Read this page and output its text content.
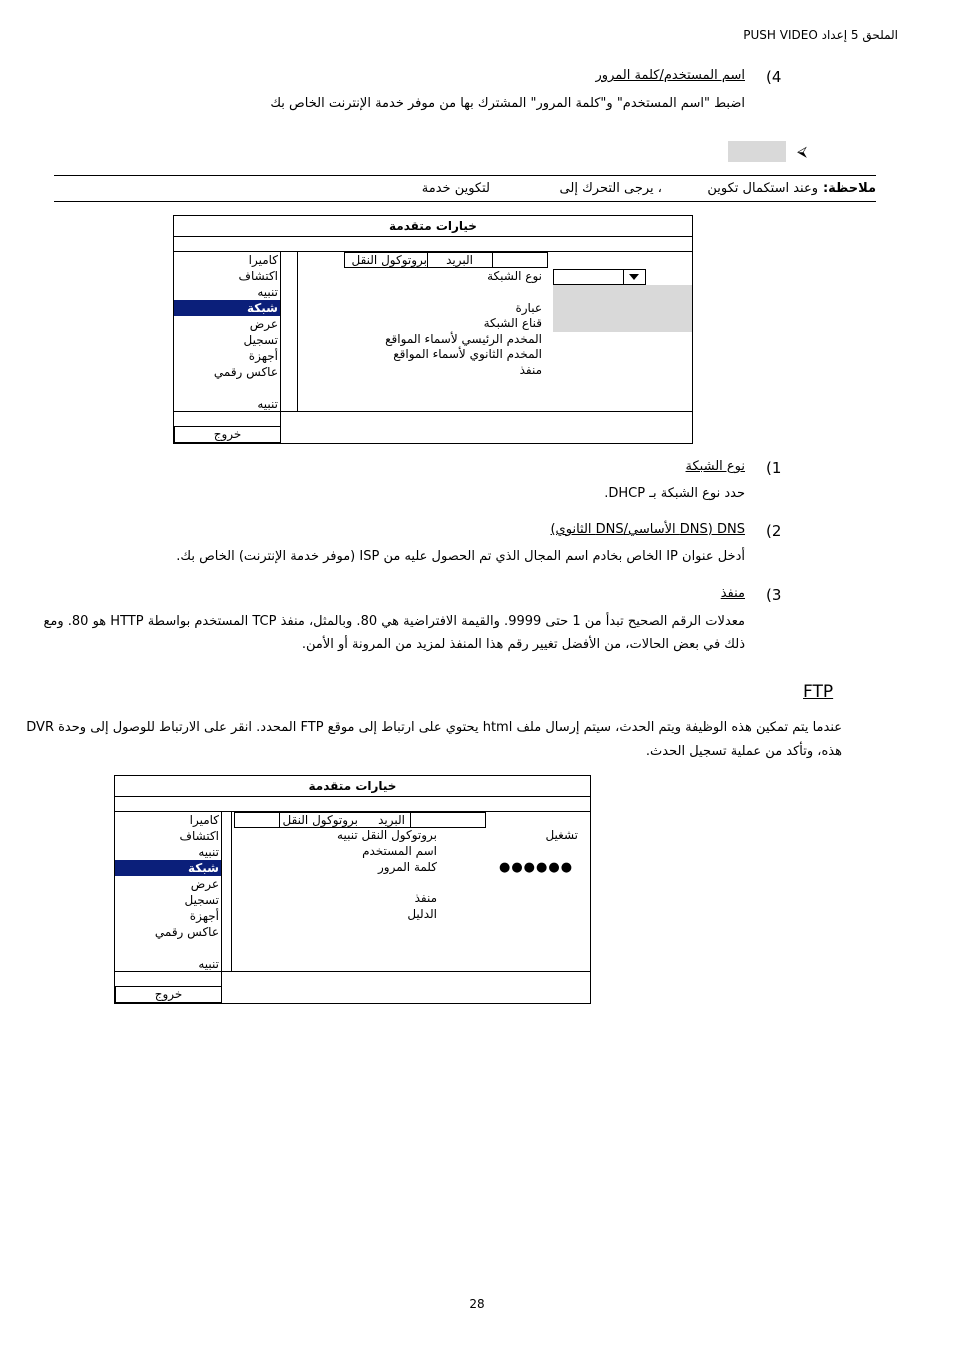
الملحق 5 إعداد PUSH VIDEO
(4
اسم المستخدم/كلمة المرور
اضبط "اسم المستخدم" و"كلمة المرور" المشترك بها من موفر خدمة الإنترنت الخاص بك
⮘
ملاحظة:
وعند استكمال تكوين
، يرجى التحرك إلى
لتكوين خدمة
خيارات متقدمة
كاميرا
اكتشاف
تنبيه
شبكة
عرض
تسجيل
أجهزة
عاكس رقمي
تنبيه
بروتوكول النقل البريد
نوع الشبكة
عبارة
قناع الشبكة
المخدم الرئيسي لأسماء المواقع
المخدم الثانوي لأسماء المواقع
منفذ
خروج
(1
نوع الشبكة
حدد نوع الشبكة بـ DHCP.
(2
DNS (DNS الأساسي/DNS الثانوي)
أدخل عنوان IP الخاص بخادم اسم المجال الذي تم الحصول عليه من ISP (موفر خدمة الإنترنت) الخاص بك.
(3
منفذ
معدلات الرقم الصحيح تبدأ من 1 حتى 9999. والقيمة الافتراضية هي 80. وبالمثل، منفذ TCP المستخدم بواسطة HTTP هو 80. ومع
ذلك في بعض الحالات، من الأفضل تغيير رقم هذا المنفذ لمزيد من المرونة أو الأمن.
FTP
عندما يتم تمكين هذه الوظيفة ويتم الحدث، سيتم إرسال ملف html يحتوي على ارتباط إلى موقع FTP المحدد. انقر على الارتباط للوصول إلى وحدة DVR
هذه، وتأكد من عملية تسجيل الحدث.
خيارات متقدمة
كاميرا
اكتشاف
تنبيه
شبكة
عرض
تسجيل
أجهزة
عاكس رقمي
تنبيه
بروتوكول النقل البريد
بروتوكول النقل تنبيه
اسم المستخدم
كلمة المرور
منفذ
الدليل
تشغيل
●●●●●●
خروج
28
